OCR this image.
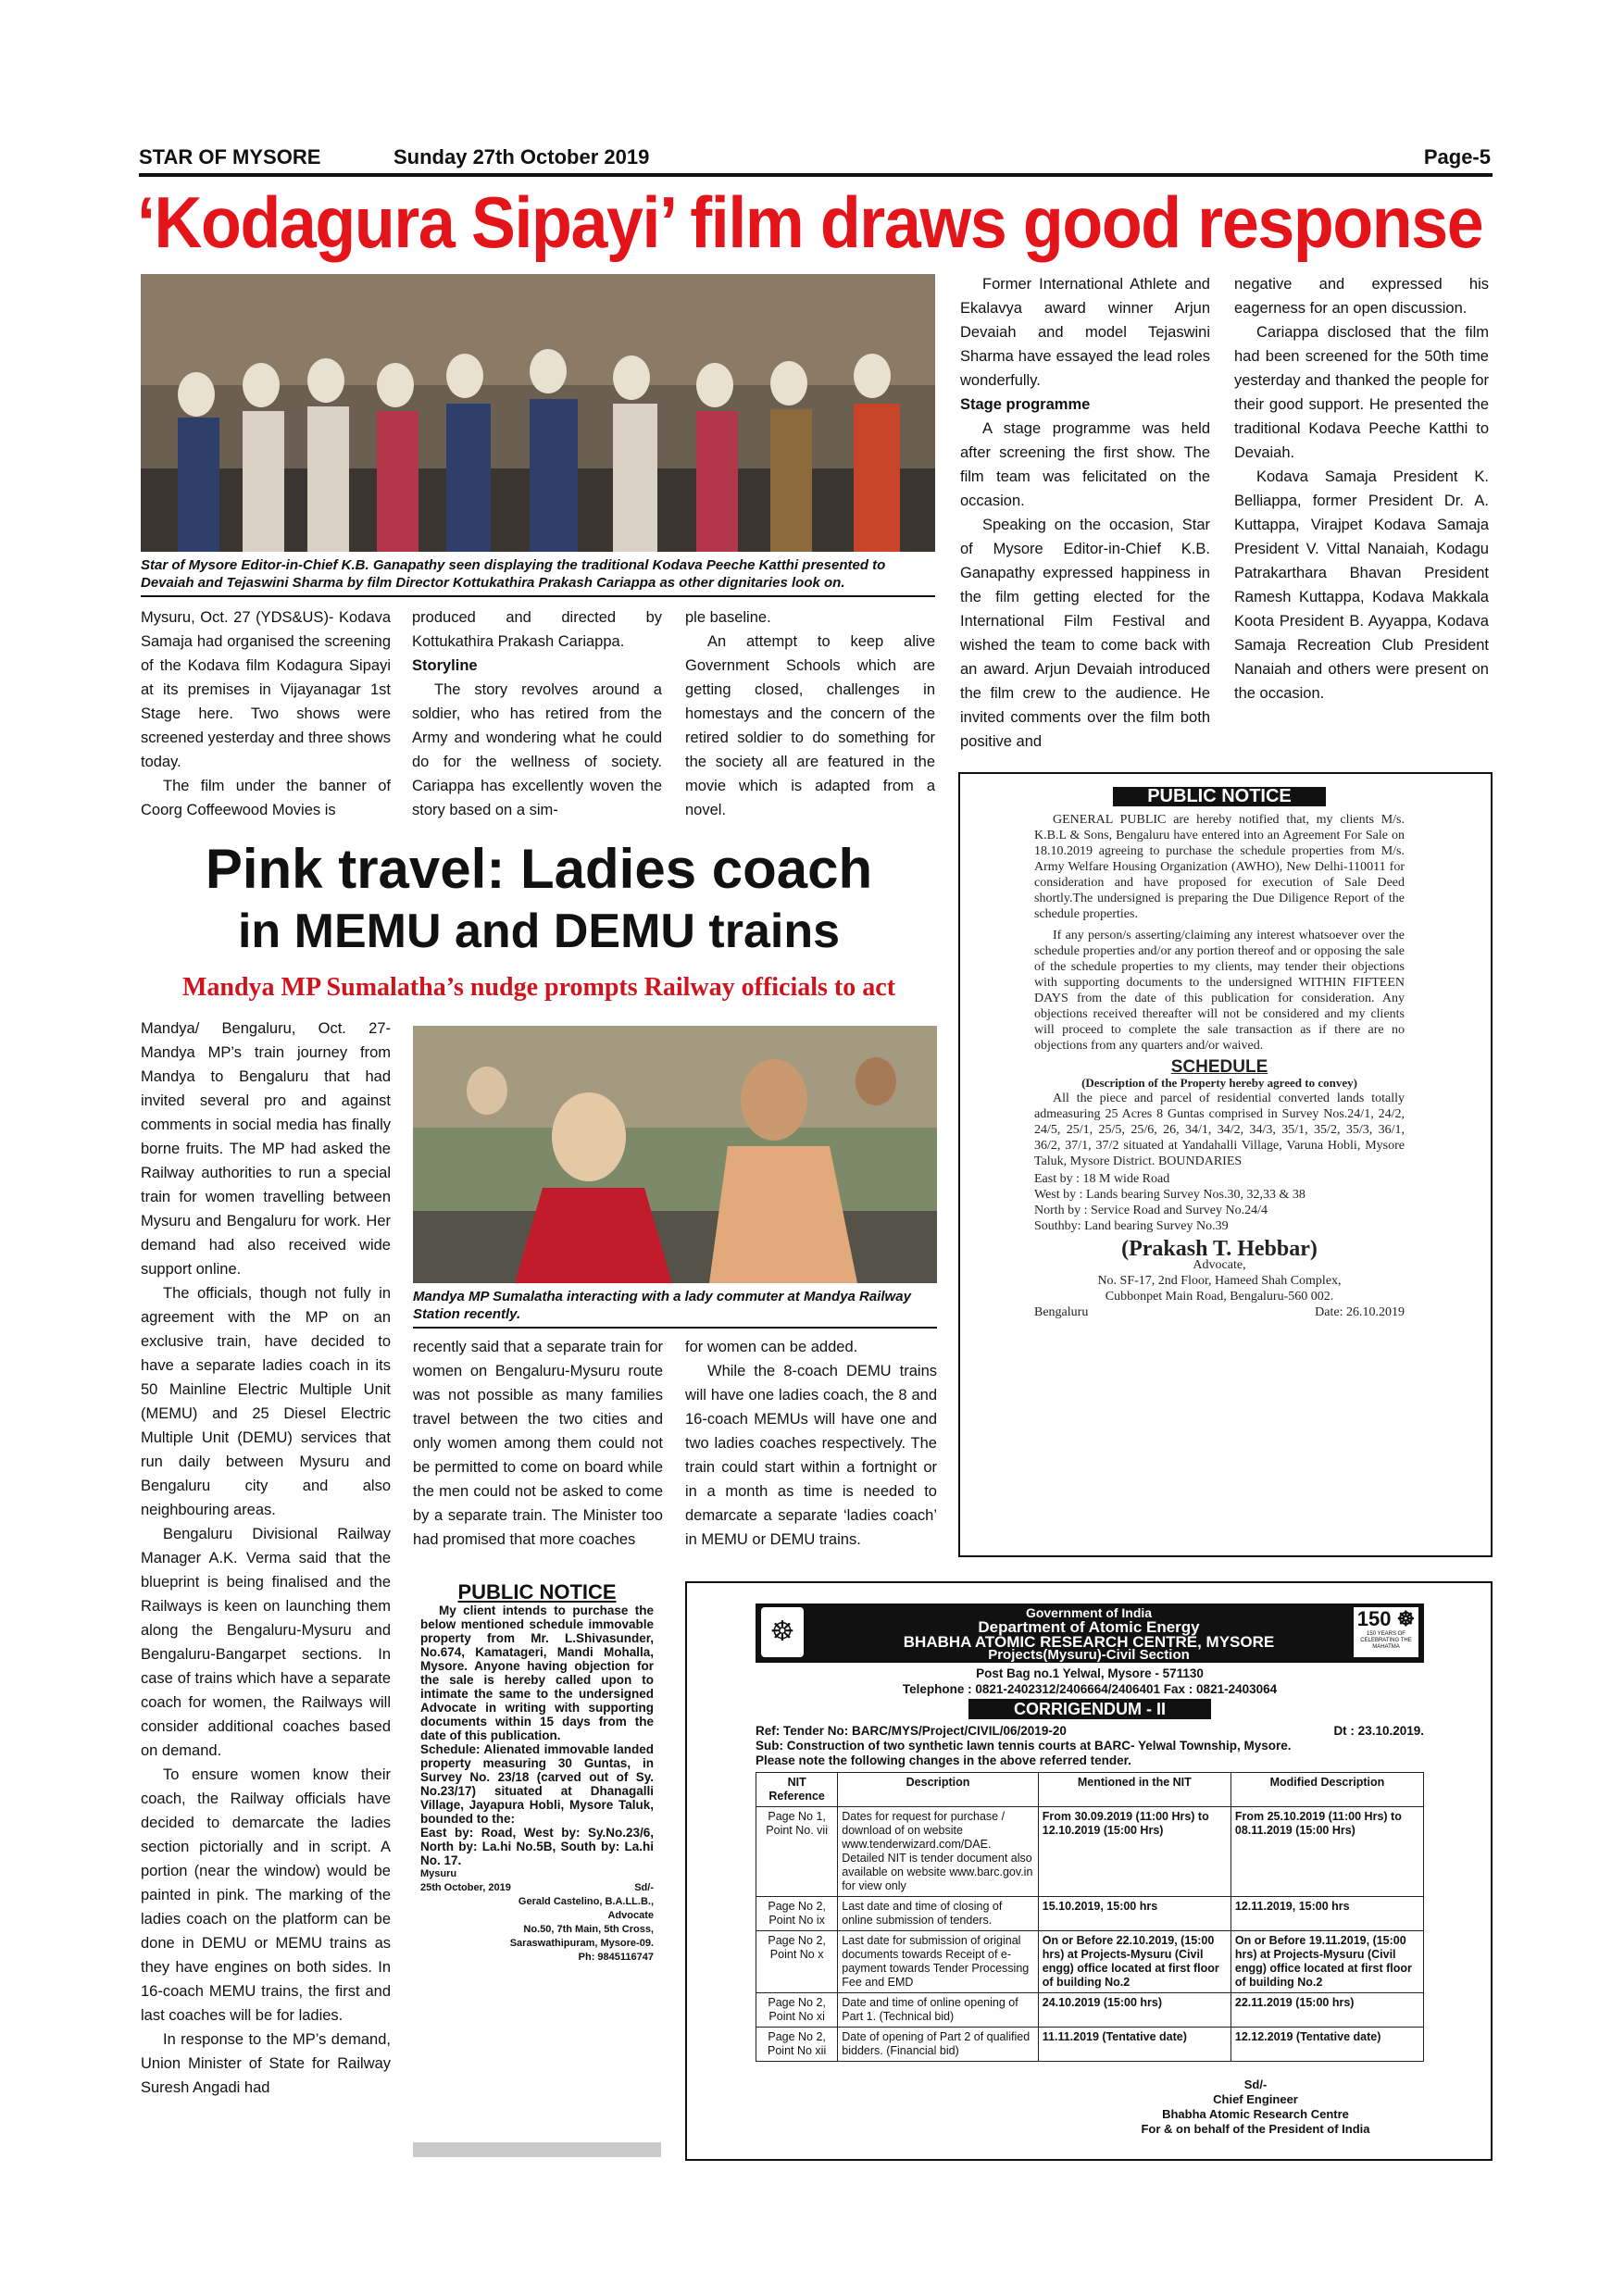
STAR OF MYSORE	Sunday 27th October 2019	Page-5
‘Kodagura Sipayi’ film draws good response
Star of Mysore Editor-in-Chief K.B. Ganapathy seen displaying the traditional Kodava Peeche Katthi presented to Devaiah and Tejaswini Sharma by film Director Kottukathira Prakash Cariappa as other dignitaries look on.

Mysuru, Oct. 27 (YDS&US)- Kodava Samaja had organised the screening of the Kodava film Kodagura Sipayi at its premises in Vijayanagar 1st Stage here. Two shows were screened yesterday and three shows today.

The film under the banner of Coorg Coffeewood Movies is

produced and directed by Kottukathira Prakash Cariappa.

Storyline

The story revolves around a soldier, who has retired from the Army and wondering what he could do for the wellness of society. Cariappa has excellently woven the story based on a sim-

ple baseline.

An attempt to keep alive Government Schools which are getting closed, challenges in homestays and the concern of the retired soldier to do something for the society all are featured in the movie which is adapted from a novel.

Former International Athlete and Ekalavya award winner Arjun Devaiah and model Tejaswini Sharma have essayed the lead roles wonderfully.

Stage programme

A stage programme was held after screening the first show. The film team was felicitated on the occasion.

Speaking on the occasion, Star of Mysore Editor-in-Chief K.B. Ganapathy expressed happiness in the film getting elected for the International Film Festival and wished the team to come back with an award. Arjun Devaiah introduced the film crew to the audience. He invited comments over the film both positive and

negative and expressed his eagerness for an open discussion.

Cariappa disclosed that the film had been screened for the 50th time yesterday and thanked the people for their good support. He presented the traditional Kodava Peeche Katthi to Devaiah.

Kodava Samaja President K. Belliappa, former President Dr. A. Kuttappa, Virajpet Kodava Samaja President V. Vittal Nanaiah, Kodagu Patrakarthara Bhavan President Ramesh Kuttappa, Kodava Makkala Koota President B. Ayyappa, Kodava Samaja Recreation Club President Nanaiah and others were present on the occasion.

Pink travel: Ladies coach
in MEMU and DEMU trains
Mandya MP Sumalatha’s nudge prompts Railway officials to act

Mandya/ Bengaluru, Oct. 27- Mandya MP’s train journey from Mandya to Bengaluru that had invited several pro and against comments in social media has finally borne fruits. The MP had asked the Railway authorities to run a special train for women travelling between Mysuru and Bengaluru for work. Her demand had also received wide support online.

The officials, though not fully in agreement with the MP on an exclusive train, have decided to have a separate ladies coach in its 50 Mainline Electric Multiple Unit (MEMU) and 25 Diesel Electric Multiple Unit (DEMU) services that run daily between Mysuru and Bengaluru city and also neighbouring areas.

Bengaluru Divisional Railway Manager A.K. Verma said that the blueprint is being finalised and the Railways is keen on launching them along the Bengaluru-Mysuru and Bengaluru-Bangarpet sections. In case of trains which have a separate coach for women, the Railways will consider additional coaches based on demand.

To ensure women know their coach, the Railway officials have decided to demarcate the ladies section pictorially and in script. A portion (near the window) would be painted in pink. The marking of the ladies coach on the platform can be done in DEMU or MEMU trains as they have engines on both sides. In 16-coach MEMU trains, the first and last coaches will be for ladies.

In response to the MP’s demand, Union Minister of State for Railway Suresh Angadi had

Mandya MP Sumalatha interacting with a lady commuter at Mandya Railway Station recently.

recently said that a separate train for women on Bengaluru-Mysuru route was not possible as many families travel between the two cities and only women among them could not be permitted to come on board while the men could not be asked to come by a separate train. The Minister too had promised that more coaches

for women can be added.

While the 8-coach DEMU trains will have one ladies coach, the 8 and 16-coach MEMUs will have one and two ladies coaches respectively. The train could start within a fortnight or in a month as time is needed to demarcate a separate ‘ladies coach’ in MEMU or DEMU trains.

PUBLIC NOTICE

GENERAL PUBLIC are hereby notified that, my clients M/s. K.B.L & Sons, Bengaluru have entered into an Agreement For Sale on 18.10.2019 agreeing to purchase the schedule properties from M/s. Army Welfare Housing Organization (AWHO), New Delhi-110011 for consideration and have proposed for execution of Sale Deed shortly.The undersigned is preparing the Due Diligence Report of the schedule properties.

If any person/s asserting/claiming any interest whatsoever over the schedule properties and/or any portion thereof and or opposing the sale of the schedule properties to my clients, may tender their objections with supporting documents to the undersigned WITHIN FIFTEEN DAYS from the date of this publication for consideration. Any objections received thereafter will not be considered and my clients will proceed to complete the sale transaction as if there are no objections from any quarters and/or waived.

SCHEDULE
(Description of the Property hereby agreed to convey)

All the piece and parcel of residential converted lands totally admeasuring 25 Acres 8 Guntas comprised in Survey Nos.24/1, 24/2, 24/5, 25/1, 25/5, 25/6, 26, 34/1, 34/2, 34/3, 35/1, 35/2, 35/3, 36/1, 36/2, 37/1, 37/2 situated at Yandahalli Village, Varuna Hobli, Mysore Taluk, Mysore District. BOUNDARIES

East by : 18 M wide Road
West by : Lands bearing Survey Nos.30, 32,33 & 38
North by : Service Road and Survey No.24/4
Southby: Land bearing Survey No.39
(Prakash T. Hebbar)
Advocate,
No. SF-17, 2nd Floor, Hameed Shah Complex,
Cubbonpet Main Road, Bengaluru-560 002.
Bengaluru	Date: 26.10.2019
PUBLIC NOTICE
My client intends to purchase the below mentioned schedule immovable property from Mr. L.Shivasunder, No.674, Kamatageri, Mandi Mohalla, Mysore. Anyone having objection for the sale is hereby called upon to intimate the same to the undersigned Advocate in writing with supporting documents within 15 days from the date of this publication.
Schedule: Alienated immovable landed property measuring 30 Guntas, in Survey No. 23/18 (carved out of Sy. No.23/17) situated at Dhanagalli Village, Jayapura Hobli, Mysore Taluk, bounded to the:
East by: Road, West by: Sy.No.23/6, North by: La.hi No.5B, South by: La.hi No. 17.
Mysuru
25th October, 2019	Sd/-
Gerald Castelino, B.A.LL.B.,
Advocate
No.50, 7th Main, 5th Cross,
Saraswathipuram, Mysore-09.
Ph: 9845116747
☸	150 ☸
150 YEARS OF CELEBRATING THE MAHATMA
Government of India
Department of Atomic Energy
BHABHA ATOMIC RESEARCH CENTRE, MYSORE
Projects(Mysuru)-Civil Section
Post Bag no.1 Yelwal, Mysore - 571130
Telephone : 0821-2402312/2406664/2406401 Fax : 0821-2403064
CORRIGENDUM - II
Ref: Tender No: BARC/MYS/Project/CIVIL/06/2019-20	Dt : 23.10.2019.
Sub: Construction of two synthetic lawn tennis courts at BARC- Yelwal Township, Mysore.
Please note the following changes in the above referred tender.
NIT Reference	Description	Mentioned in the NIT	Modified Description
Page No 1, Point No. vii	Dates for request for purchase / download of on website www.tenderwizard.com/DAE. Detailed NIT is tender document also available on website www.barc.gov.in for view only	From 30.09.2019 (11:00 Hrs) to 12.10.2019 (15:00 Hrs)	From 25.10.2019 (11:00 Hrs) to 08.11.2019 (15:00 Hrs)
Page No 2, Point No ix	Last date and time of closing of online submission of tenders.	15.10.2019, 15:00 hrs	12.11.2019, 15:00 hrs
Page No 2, Point No x	Last date for submission of original documents towards Receipt of e-payment towards Tender Processing Fee and EMD	On or Before 22.10.2019, (15:00 hrs) at Projects-Mysuru (Civil engg) office located at first floor of building No.2	On or Before 19.11.2019, (15:00 hrs) at Projects-Mysuru (Civil engg) office located at first floor of building No.2
Page No 2, Point No xi	Date and time of online opening of Part 1. (Technical bid)	24.10.2019 (15:00 hrs)	22.11.2019 (15:00 hrs)
Page No 2, Point No xii	Date of opening of Part 2 of qualified bidders. (Financial bid)	11.11.2019 (Tentative date)	12.12.2019 (Tentative date)
Sd/-
Chief Engineer
Bhabha Atomic Research Centre
For & on behalf of the President of India
